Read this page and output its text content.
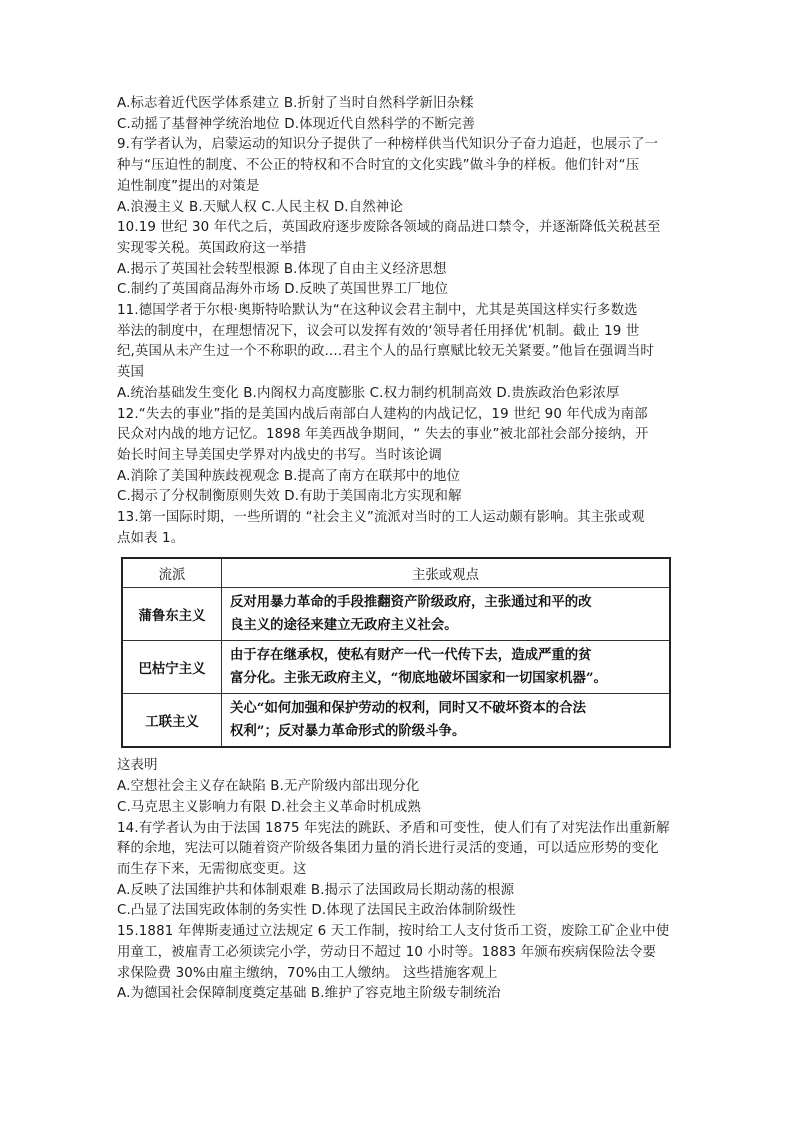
A.标志着近代医学体系建立 B.折射了当时自然科学新旧杂糅
C.动摇了基督神学统治地位 D.体现近代自然科学的不断完善
9.有学者认为，启蒙运动的知识分子提供了一种榜样供当代知识分子奋力追赶，也展示了一
种与“压迫性的制度、不公正的特权和不合时宜的文化实践”做斗争的样板。他们针对“压
迫性制度”提出的对策是
A.浪漫主义 B.天赋人权 C.人民主权 D.自然神论
10.19 世纪 30 年代之后，英国政府逐步废除各领域的商品进口禁令，并逐渐降低关税甚至
实现零关税。英国政府这一举措
A.揭示了英国社会转型根源 B.体现了自由主义经济思想
C.制约了英国商品海外市场 D.反映了英国世界工厂地位
11.德国学者于尔根·奥斯特哈默认为“在这种议会君主制中，尤其是英国这样实行多数选
举法的制度中，在理想情况下，议会可以发挥有效的‘领导者任用择优’机制。截止 19 世
纪,英国从未产生过一个不称职的政....君主个人的品行禀赋比较无关紧要。”他旨在强调当时
英国
A.统治基础发生变化 B.内阁权力高度膨胀 C.权力制约机制高效 D.贵族政治色彩浓厚
12.“失去的事业”指的是美国内战后南部白人建构的内战记忆，19 世纪 90 年代成为南部
民众对内战的地方记忆。1898 年美西战争期间，“ 失去的事业”被北部社会部分接纳，开
始长时间主导美国史学界对内战史的书写。当时该论调
A.消除了美国种族歧视观念 B.提高了南方在联邦中的地位
C.揭示了分权制衡原则失效 D.有助于美国南北方实现和解
13.第一国际时期，一些所谓的 “社会主义”流派对当时的工人运动颇有影响。其主张或观
点如表 1。
流派	主张或观点
蒲鲁东主义	反对用暴力革命的手段推翻资产阶级政府，主张通过和平的改
良主义的途径来建立无政府主义社会。

巴枯宁主义	由于存在继承权，使私有财产一代一代传下去，造成严重的贫
富分化。主张无政府主义，“彻底地破坏国家和一切国家机器”。

工联主义	关心“如何加强和保护劳动的权利，同时又不破坏资本的合法
权利”；反对暴力革命形式的阶级斗争。
这表明
A.空想社会主义存在缺陷 B.无产阶级内部出现分化
C.马克思主义影响力有限 D.社会主义革命时机成熟
14.有学者认为由于法国 1875 年宪法的跳跃、矛盾和可变性，使人们有了对宪法作出重新解
释的余地，宪法可以随着资产阶级各集团力量的消长进行灵活的变通，可以适应形势的变化
而生存下来，无需彻底变更。这
A.反映了法国维护共和体制艰难 B.揭示了法国政局长期动荡的根源
C.凸显了法国宪政体制的务实性 D.体现了法国民主政治体制阶级性
15.1881 年俾斯麦通过立法规定 6 天工作制，按时给工人支付货币工资，废除工矿企业中使
用童工，被雇青工必须读完小学，劳动日不超过 10 小时等。1883 年颁布疾病保险法令要
求保险费 30%由雇主缴纳，70%由工人缴纳。 这些措施客观上
A.为德国社会保障制度奠定基础 B.维护了容克地主阶级专制统治
